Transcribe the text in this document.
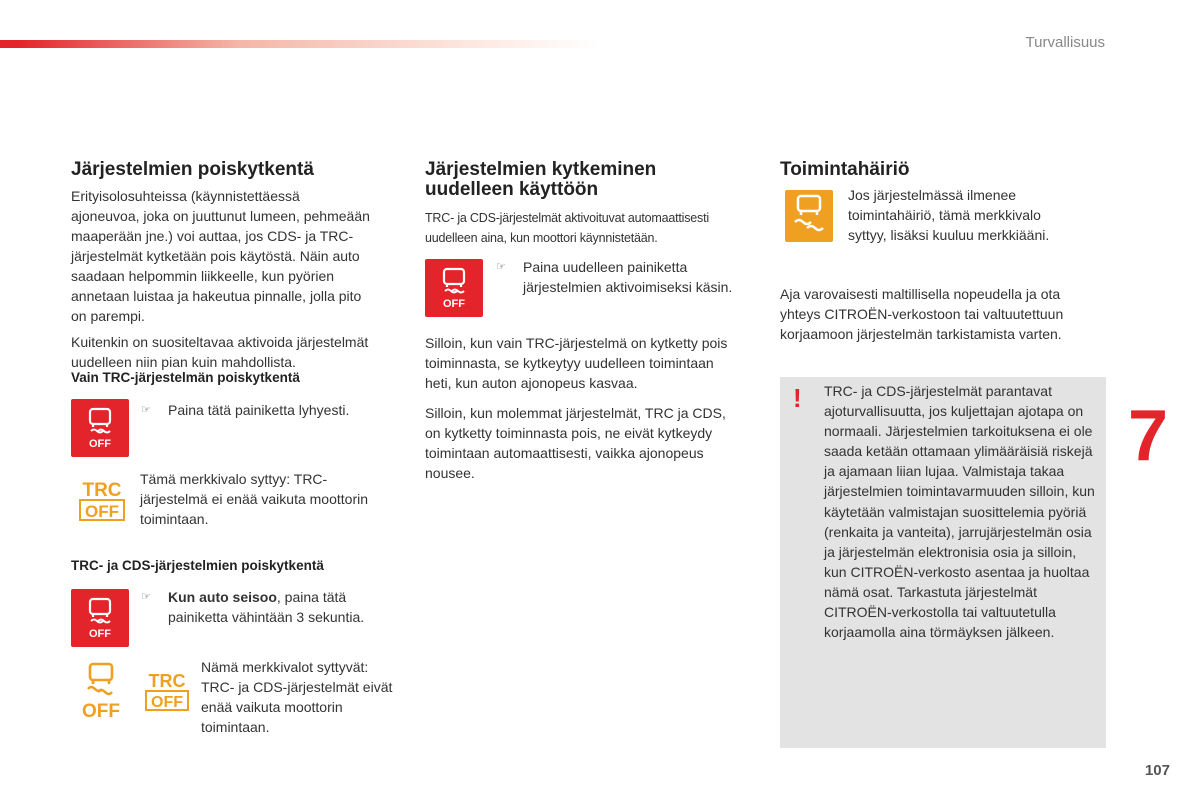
Turvallisuus
7
107
Järjestelmien poiskytkentä

Erityisolosuhteissa (käynnistettäessä ajoneuvoa, joka on juuttunut lumeen, pehmeään maaperään jne.) voi auttaa, jos CDS- ja TRC-järjestelmät kytketään pois käytöstä. Näin auto saadaan helpommin liikkeelle, kun pyörien annetaan luistaa ja hakeutua pinnalle, jolla pito on parempi.

Kuitenkin on suositeltavaa aktivoida järjestelmät uudelleen niin pian kuin mahdollista.

Vain TRC-järjestelmän poiskytkentä
OFF
☞ Paina tätä painiketta lyhyesti.
TRC
OFF

Tämä merkkivalo syttyy: TRC-järjestelmä ei enää vaikuta moottorin toimintaan.

TRC- ja CDS-järjestelmien poiskytkentä
OFF
☞ Kun auto seisoo, paina tätä painiketta vähintään 3 sekuntia.
OFF
TRC
OFF

Nämä merkkivalot syttyvät: TRC- ja CDS-järjestelmät eivät enää vaikuta moottorin toimintaan.

Järjestelmien kytkeminen uudelleen käyttöön

TRC- ja CDS-järjestelmät aktivoituvat automaattisesti uudelleen aina, kun moottori käynnistetään.

OFF
☞ Paina uudelleen painiketta järjestelmien aktivoimiseksi käsin.

Silloin, kun vain TRC-järjestelmä on kytketty pois toiminnasta, se kytkeytyy uudelleen toimintaan heti, kun auton ajonopeus kasvaa.

Silloin, kun molemmat järjestelmät, TRC ja CDS, on kytketty toiminnasta pois, ne eivät kytkeydy toimintaan automaattisesti, vaikka ajonopeus nousee.

Toimintahäiriö

Jos järjestelmässä ilmenee toimintahäiriö, tämä merkkivalo syttyy, lisäksi kuuluu merkkiääni.

Aja varovaisesti maltillisella nopeudella ja ota yhteys CITROËN-verkostoon tai valtuutettuun korjaamoon järjestelmän tarkistamista varten.

! TRC- ja CDS-järjestelmät parantavat ajoturvallisuutta, jos kuljettajan ajotapa on normaali. Järjestelmien tarkoituksena ei ole saada ketään ottamaan ylimääräisiä riskejä ja ajamaan liian lujaa. Valmistaja takaa järjestelmien toimintavarmuuden silloin, kun käytetään valmistajan suosittelemia pyöriä (renkaita ja vanteita), jarrujärjestelmän osia ja järjestelmän elektronisia osia ja silloin, kun CITROËN-verkosto asentaa ja huoltaa nämä osat. Tarkastuta järjestelmät CITROËN-verkostolla tai valtuutetulla korjaamolla aina törmäyksen jälkeen.
